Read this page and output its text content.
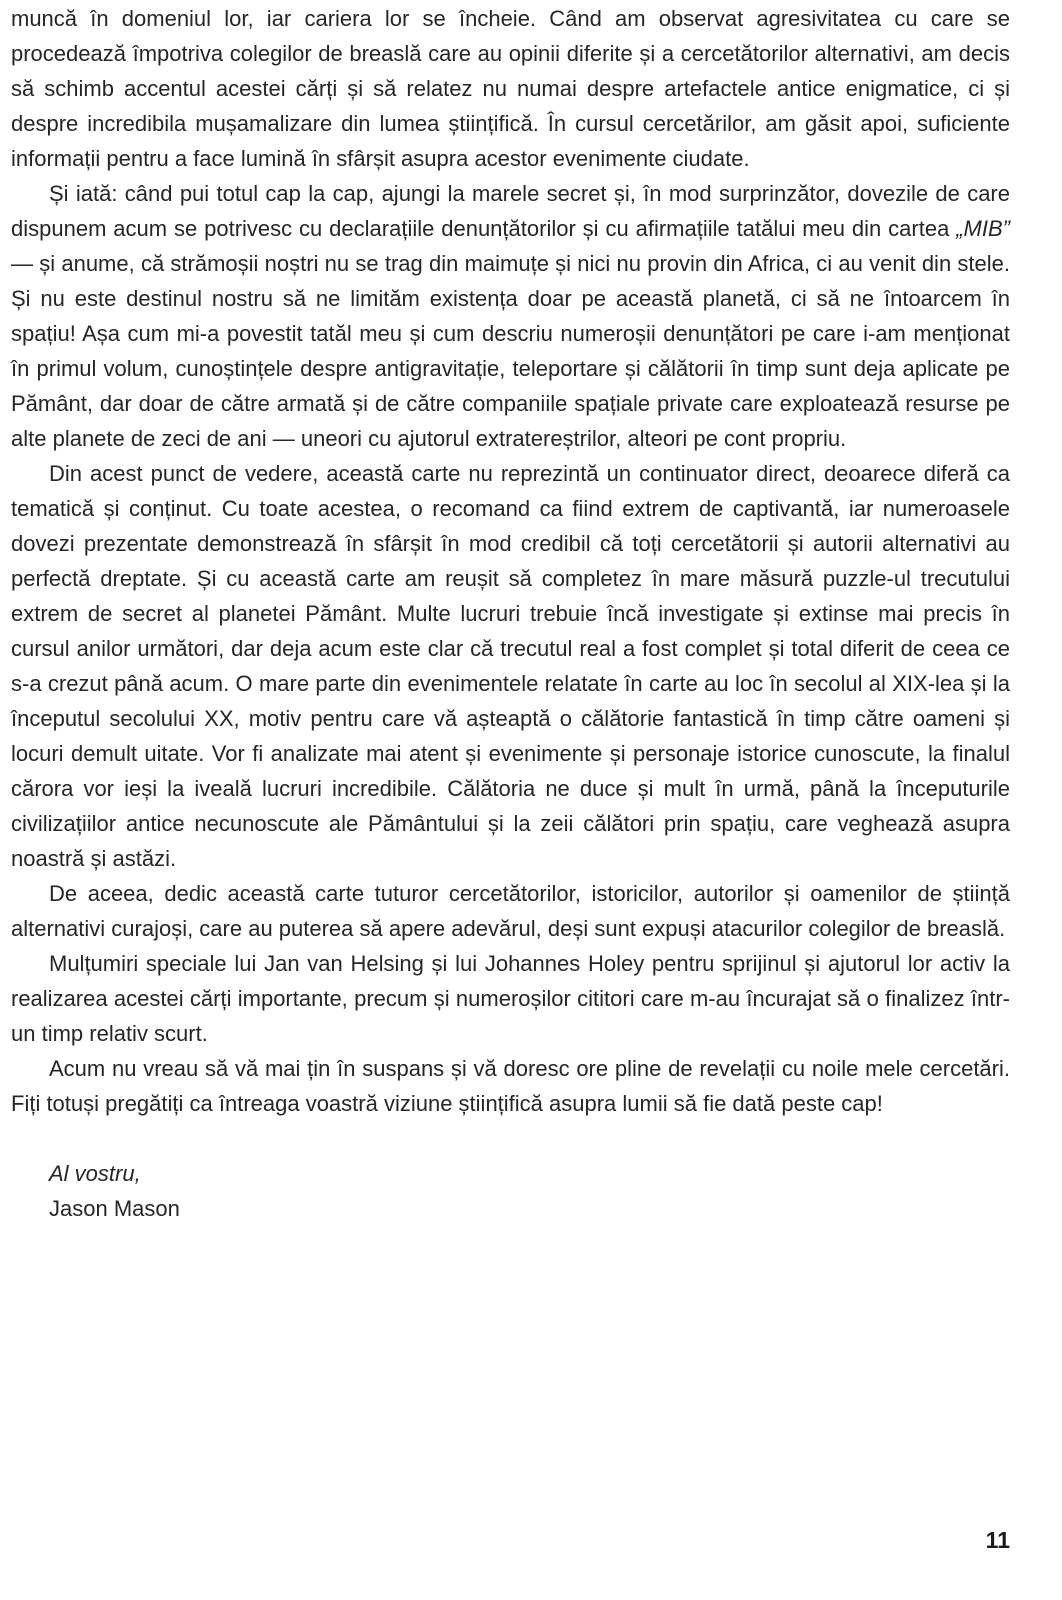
muncă în domeniul lor, iar cariera lor se încheie. Când am observat agresivitatea cu care se procedează împotriva colegilor de breaslă care au opinii diferite și a cercetătorilor alternativi, am decis să schimb accentul acestei cărți și să relatez nu numai despre artefactele antice enigmatice, ci și despre incredibila mușamalizare din lumea științifică. În cursul cercetărilor, am găsit apoi, suficiente informații pentru a face lumină în sfârșit asupra acestor evenimente ciudate.

Și iată: când pui totul cap la cap, ajungi la marele secret și, în mod surprinzător, dovezile de care dispunem acum se potrivesc cu declarațiile denunțătorilor și cu afirmațiile tatălui meu din cartea „MIB” — și anume, că strămoșii noștri nu se trag din maimuțe și nici nu provin din Africa, ci au venit din stele. Și nu este destinul nostru să ne limităm existența doar pe această planetă, ci să ne întoarcem în spațiu! Așa cum mi-a povestit tatăl meu și cum descriu numeroșii denunțători pe care i-am menționat în primul volum, cunoștințele despre antigravitație, teleportare și călătorii în timp sunt deja aplicate pe Pământ, dar doar de către armată și de către companiile spațiale private care exploatează resurse pe alte planete de zeci de ani — uneori cu ajutorul extratereștrilor, alteori pe cont propriu.

Din acest punct de vedere, această carte nu reprezintă un continuator direct, deoarece diferă ca tematică și conținut. Cu toate acestea, o recomand ca fiind extrem de captivantă, iar numeroasele dovezi prezentate demonstrează în sfârșit în mod credibil că toți cercetătorii și autorii alternativi au perfectă dreptate. Și cu această carte am reușit să completez în mare măsură puzzle-ul trecutului extrem de secret al planetei Pământ. Multe lucruri trebuie încă investigate și extinse mai precis în cursul anilor următori, dar deja acum este clar că trecutul real a fost complet și total diferit de ceea ce s-a crezut până acum. O mare parte din evenimentele relatate în carte au loc în secolul al XIX-lea și la începutul secolului XX, motiv pentru care vă așteaptă o călătorie fantastică în timp către oameni și locuri demult uitate. Vor fi analizate mai atent și evenimente și personaje istorice cunoscute, la finalul cărora vor ieși la iveală lucruri incredibile. Călătoria ne duce și mult în urmă, până la începuturile civilizațiilor antice necunoscute ale Pământului și la zeii călători prin spațiu, care veghează asupra noastră și astăzi.

De aceea, dedic această carte tuturor cercetătorilor, istoricilor, autorilor și oamenilor de știință alternativi curajoși, care au puterea să apere adevărul, deși sunt expuși atacurilor colegilor de breaslă.

Mulțumiri speciale lui Jan van Helsing și lui Johannes Holey pentru sprijinul și ajutorul lor activ la realizarea acestei cărți importante, precum și numeroșilor cititori care m-au încurajat să o finalizez într-un timp relativ scurt.

Acum nu vreau să vă mai țin în suspans și vă doresc ore pline de revelații cu noile mele cercetări. Fiți totuși pregătiți ca întreaga voastră viziune științifică asupra lumii să fie dată peste cap!

Al vostru,

Jason Mason

11
